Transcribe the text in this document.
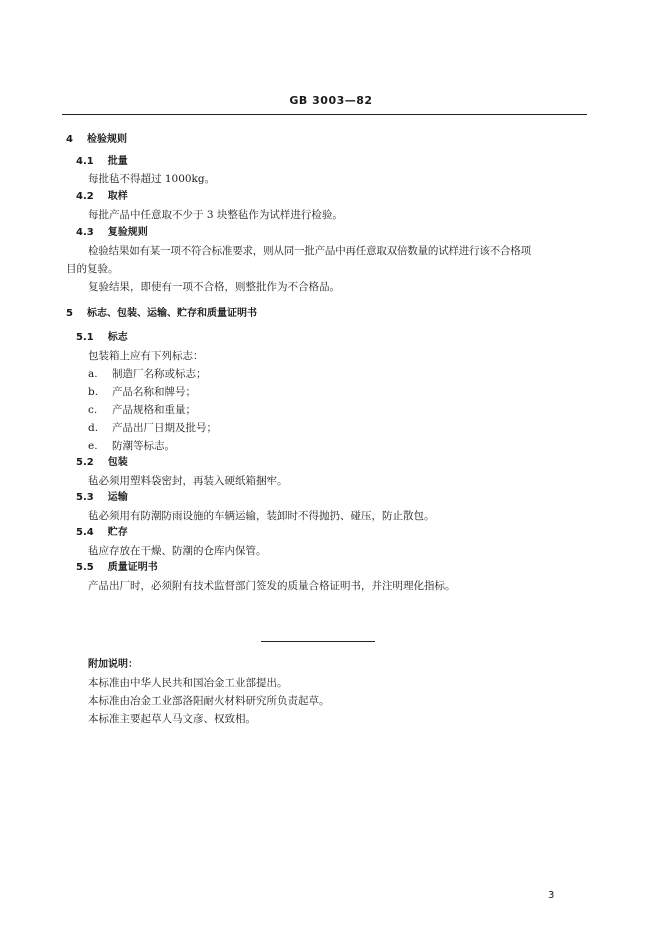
GB 3003—82
4 检验规则
4.1 批量
每批毡不得超过 1000kg。
4.2 取样
每批产品中任意取不少于 3 块整毡作为试样进行检验。
4.3 复验规则
检验结果如有某一项不符合标准要求，则从同一批产品中再任意取双倍数量的试样进行该不合格项
目的复验。
复验结果，即使有一项不合格，则整批作为不合格品。
5 标志、包装、运输、贮存和质量证明书
5.1 标志
包装箱上应有下列标志：
a. 制造厂名称或标志；
b. 产品名称和牌号；
c. 产品规格和重量；
d. 产品出厂日期及批号；
e. 防潮等标志。
5.2 包装
毡必须用塑料袋密封，再装入硬纸箱捆牢。
5.3 运输
毡必须用有防潮防雨设施的车辆运输，装卸时不得抛扔、碰压，防止散包。
5.4 贮存
毡应存放在干燥、防潮的仓库内保管。
5.5 质量证明书
产品出厂时，必须附有技术监督部门签发的质量合格证明书，并注明理化指标。
附加说明：
本标准由中华人民共和国冶金工业部提出。
本标准由冶金工业部洛阳耐火材料研究所负责起草。
本标准主要起草人马文彦、权致相。
3
